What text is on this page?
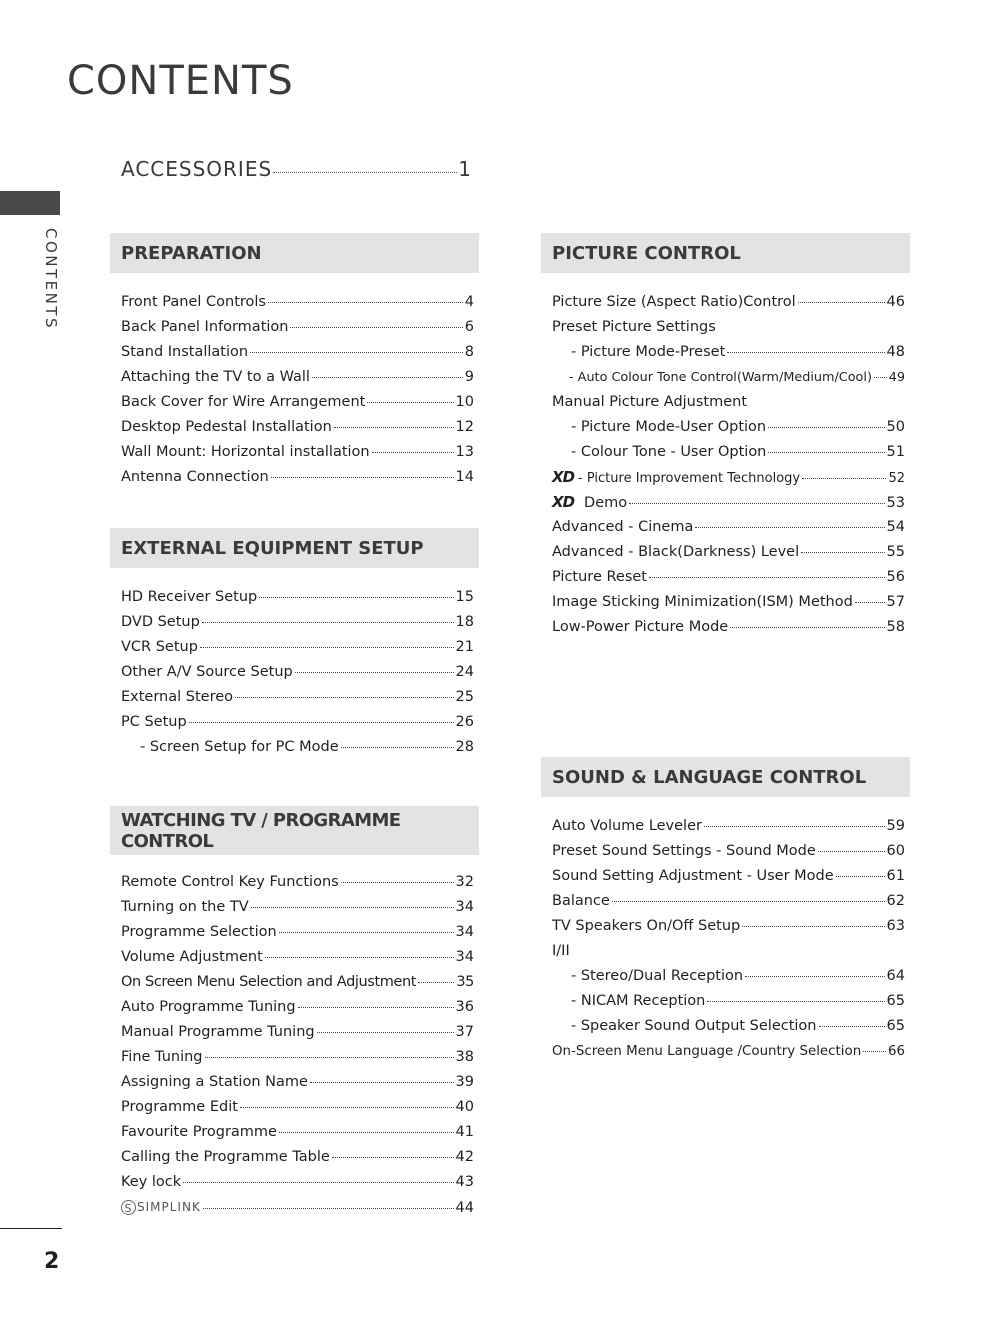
CONTENTS
CONTENTS
ACCESSORIES	1
PREPARATION
Front Panel Controls	4
Back Panel Information	6
Stand Installation	8
Attaching the TV to a Wall	9
Back Cover for Wire Arrangement	10
Desktop Pedestal Installation	12
Wall Mount: Horizontal installation	13
Antenna Connection	14
EXTERNAL EQUIPMENT SETUP
HD Receiver Setup	15
DVD Setup	18
VCR Setup	21
Other A/V Source Setup	24
External Stereo	25
PC Setup	26
- Screen Setup for PC Mode	28
WATCHING TV / PROGRAMME CONTROL
Remote Control Key Functions	32
Turning on the TV	34
Programme Selection	34
Volume Adjustment	34
On Screen Menu Selection and Adjustment	35
Auto Programme Tuning	36
Manual Programme Tuning	37
Fine Tuning	38
Assigning a Station Name	39
Programme Edit	40
Favourite Programme	41
Calling the Programme Table	42
Key lock	43
S SIMPLINK	44
PICTURE CONTROL
Picture Size (Aspect Ratio)Control	46
Preset Picture Settings
- Picture Mode-Preset	48
- Auto Colour Tone Control(Warm/Medium/Cool) 49
Manual Picture Adjustment
- Picture Mode-User Option	50
- Colour Tone - User Option	51
XD - Picture Improvement Technology	52
XD Demo	53
Advanced - Cinema	54
Advanced - Black(Darkness) Level	55
Picture Reset	56
Image Sticking Minimization(ISM) Method 57
Low-Power Picture Mode	58
SOUND & LANGUAGE CONTROL
Auto Volume Leveler	59
Preset Sound Settings - Sound Mode	60
Sound Setting Adjustment - User Mode	61
Balance	62
TV Speakers On/Off Setup	63
I/II
- Stereo/Dual Reception	64
- NICAM Reception	65
- Speaker Sound Output Selection	65
On-Screen Menu Language /Country Selection 66
2
